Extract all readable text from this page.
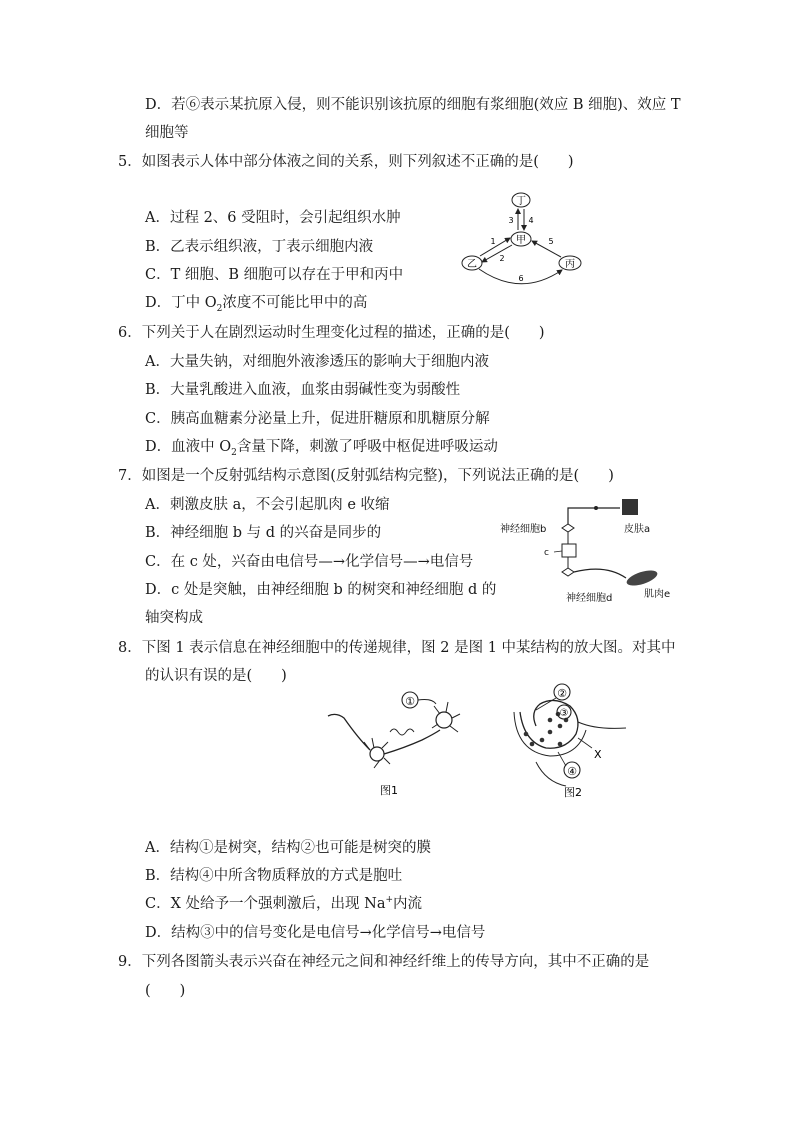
D．若⑥表示某抗原入侵，则不能识别该抗原的细胞有浆细胞(效应 B 细胞)、效应 T
细胞等
5．如图表示人体中部分体液之间的关系，则下列叙述不正确的是(　　)
A．过程 2、6 受阻时，会引起组织水肿
B．乙表示组织液，丁表示细胞内液
C．T 细胞、B 细胞可以存在于甲和丙中
D．丁中 $O_2$浓度不可能比甲中的高
丁
甲
乙	丙
3 4
1
2
5
6
6．下列关于人在剧烈运动时生理变化过程的描述，正确的是(　　)
A．大量失钠，对细胞外液渗透压的影响大于细胞内液
B．大量乳酸进入血液，血浆由弱碱性变为弱酸性
C．胰高血糖素分泌量上升，促进肝糖原和肌糖原分解
D．血液中 $O_2$含量下降，刺激了呼吸中枢促进呼吸运动
7．如图是一个反射弧结构示意图(反射弧结构完整)，下列说法正确的是(　　)
A．刺激皮肤 a，不会引起肌肉 e 收缩
B．神经细胞 b 与 d 的兴奋是同步的
C．在 c 处，兴奋由电信号—→化学信号—→电信号
D．c 处是突触，由神经细胞 b 的树突和神经细胞 d 的
轴突构成
皮肤a
神经细胞b
c
神经细胞d	肌肉e
8．下图 1 表示信息在神经细胞中的传递规律，图 2 是图 1 中某结构的放大图。对其中
的认识有误的是(　　)
①
图1
②
③
X
④
图2
A．结构①是树突，结构②也可能是树突的膜
B．结构④中所含物质释放的方式是胞吐
C．X 处给予一个强刺激后，出现 Na+内流
D．结构③中的信号变化是电信号→化学信号→电信号
9．下列各图箭头表示兴奋在神经元之间和神经纤维上的传导方向，其中不正确的是
(　　)
